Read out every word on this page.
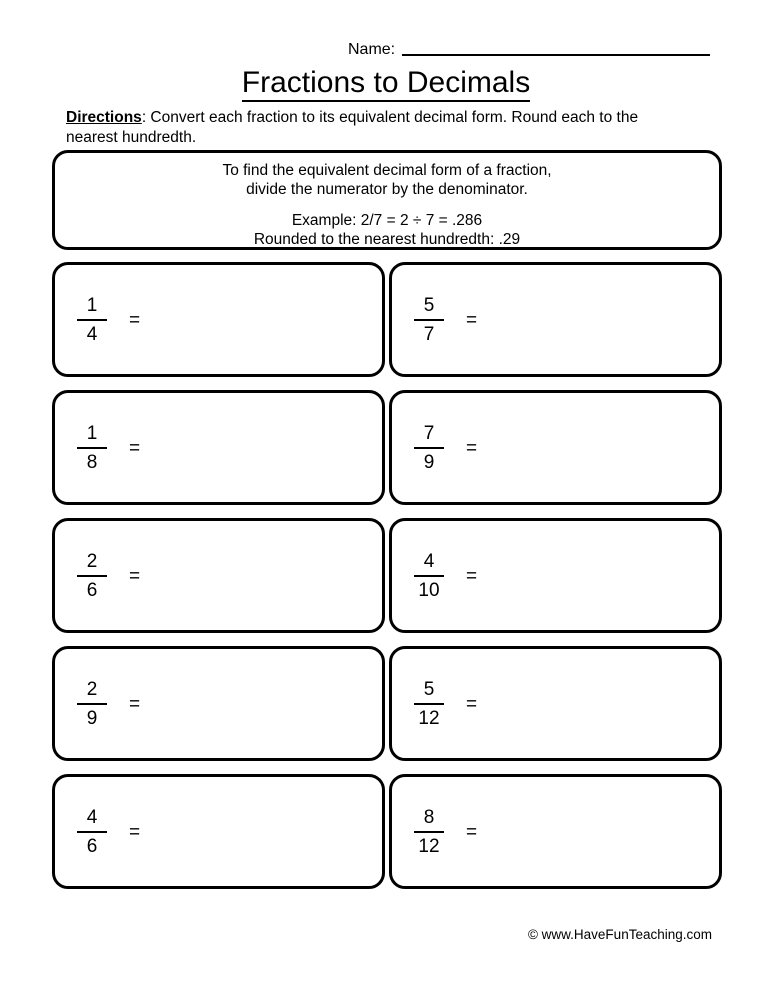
Name:
Fractions to Decimals
Directions: Convert each fraction to its equivalent decimal form. Round each to the nearest hundredth.
To find the equivalent decimal form of a fraction,
divide the numerator by the denominator.
Example: 2/7 = 2 ÷ 7 = .286
Rounded to the nearest hundredth: .29
$\frac{1}{4}$ =	$\frac{5}{7}$ =
$\frac{1}{8}$ =	$\frac{7}{9}$ =
$\frac{2}{6}$ =	$\frac{4}{10}$ =
$\frac{2}{9}$ =	$\frac{5}{12}$ =
$\frac{4}{6}$ =	$\frac{8}{12}$ =
© www.HaveFunTeaching.com
